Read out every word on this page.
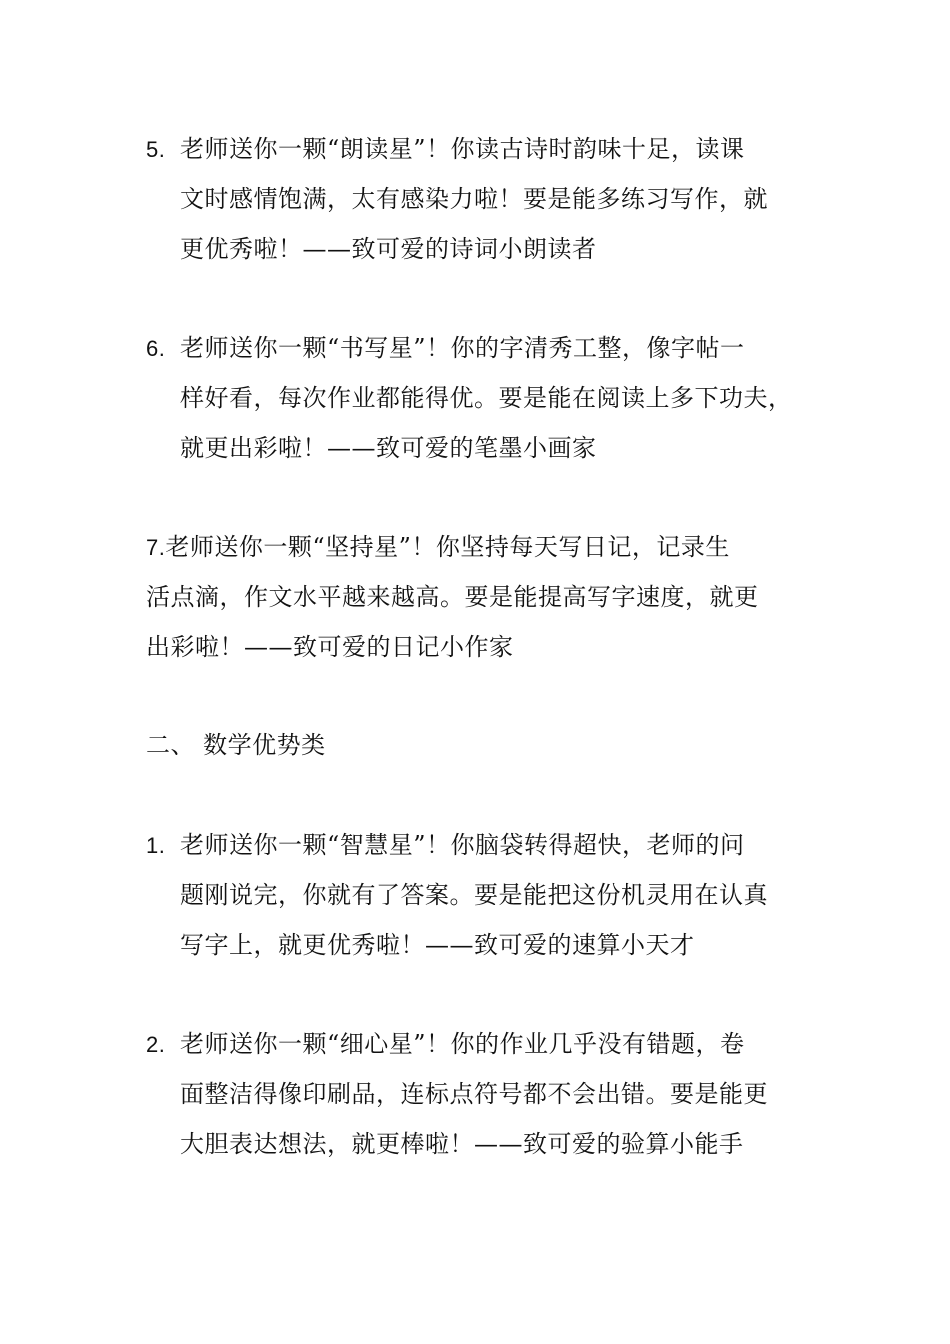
5. 老师送你一颗“朗读星”！你读古诗时韵味十足，读课
文时感情饱满，太有感染力啦！要是能多练习写作，就
更优秀啦！——致可爱的诗词小朗读者
6. 老师送你一颗“书写星”！你的字清秀工整，像字帖一
样好看，每次作业都能得优。要是能在阅读上多下功夫，
就更出彩啦！——致可爱的笔墨小画家
7.老师送你一颗“坚持星”！你坚持每天写日记，记录生
活点滴，作文水平越来越高。要是能提高写字速度，就更
出彩啦！——致可爱的日记小作家
二、 数学优势类
1. 老师送你一颗“智慧星”！你脑袋转得超快，老师的问
题刚说完，你就有了答案。要是能把这份机灵用在认真
写字上，就更优秀啦！——致可爱的速算小天才
2. 老师送你一颗“细心星”！你的作业几乎没有错题，卷
面整洁得像印刷品，连标点符号都不会出错。要是能更
大胆表达想法，就更棒啦！——致可爱的验算小能手
